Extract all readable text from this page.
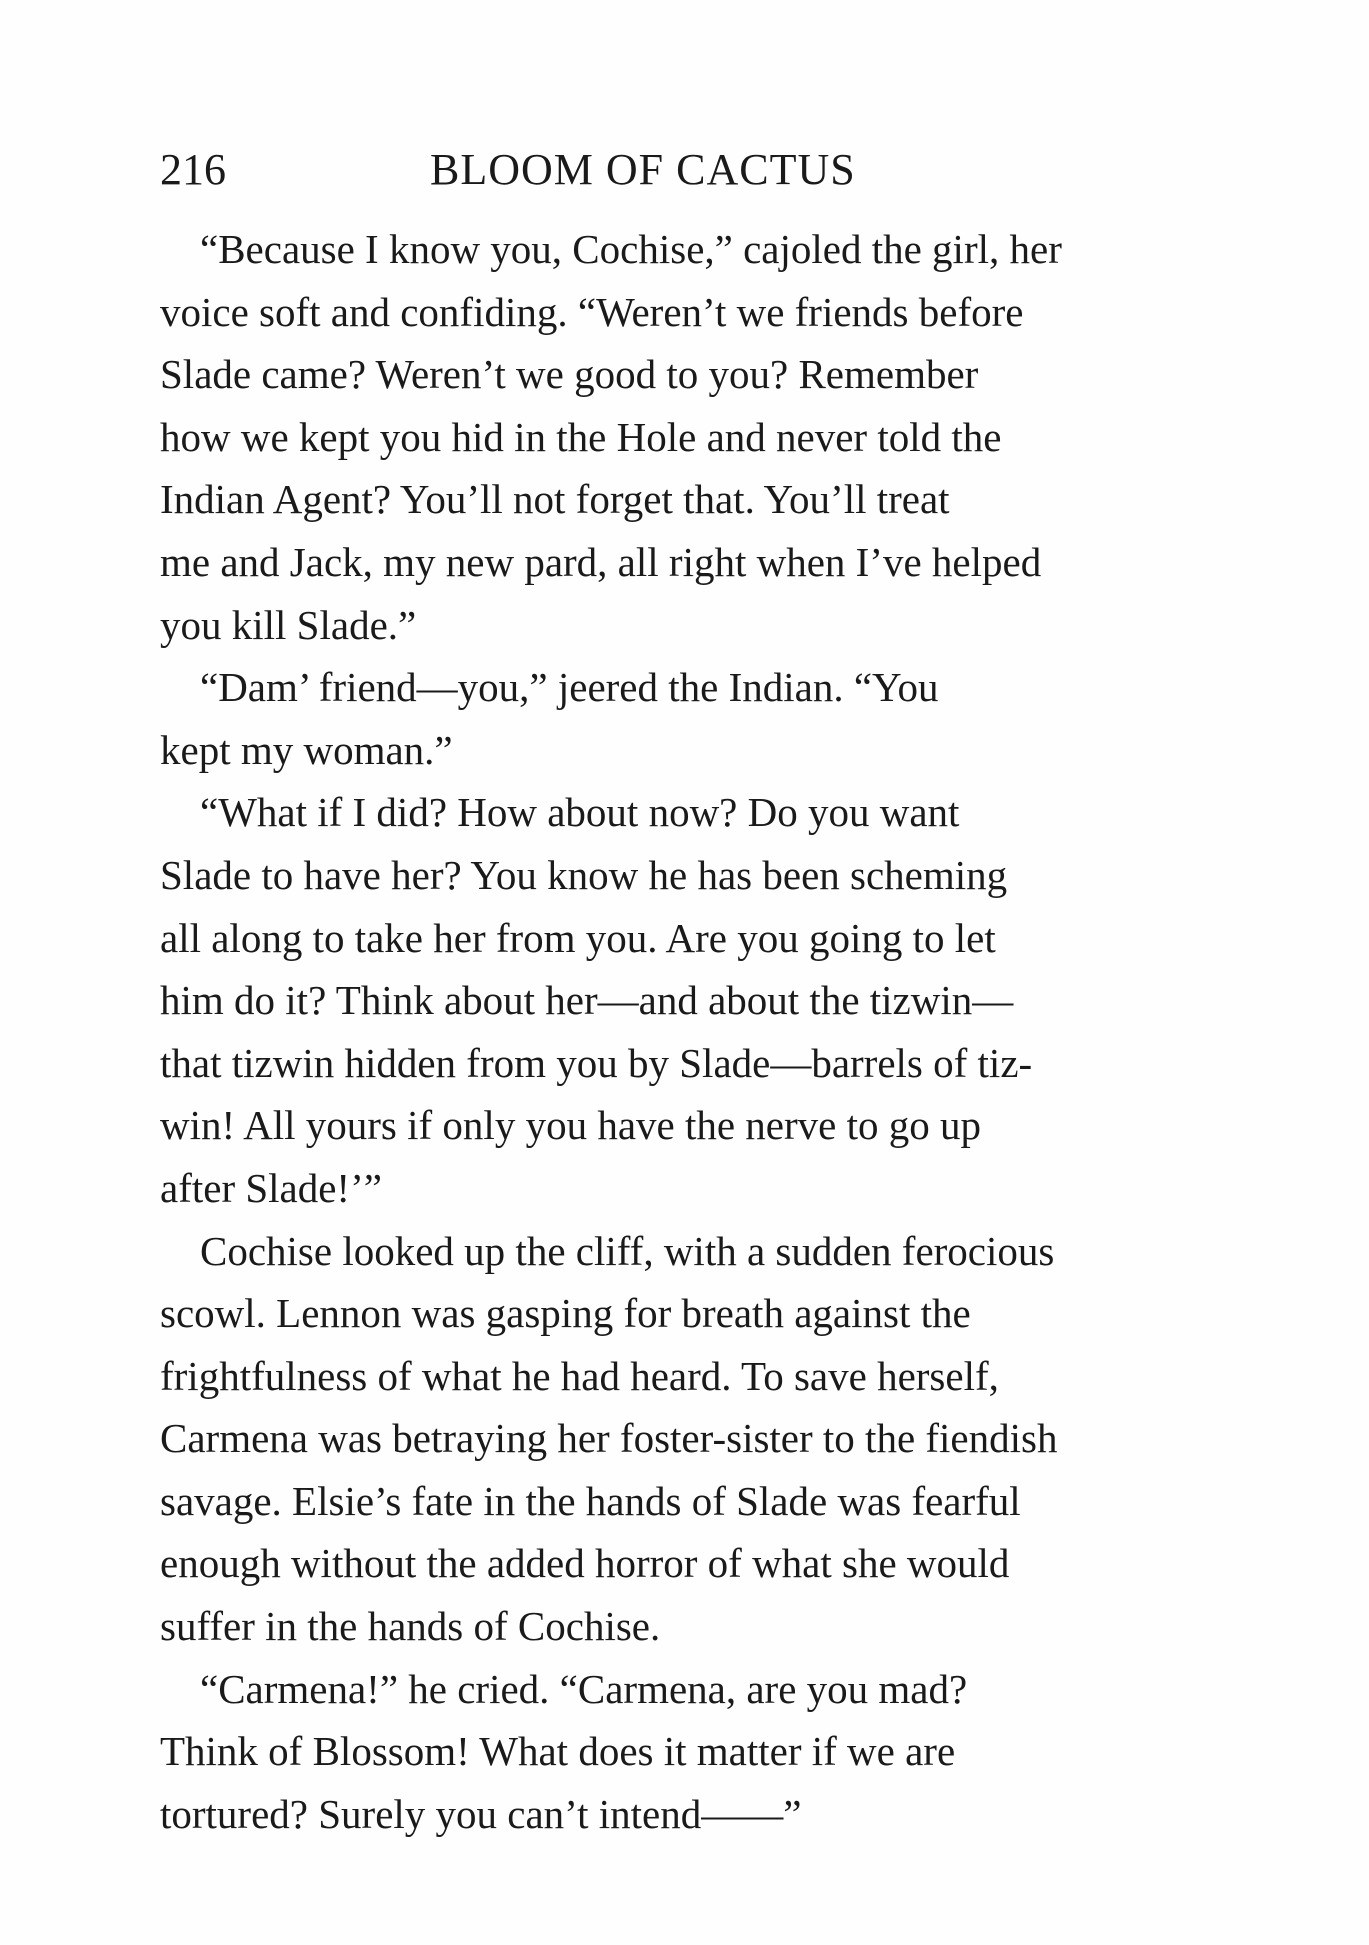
216	BLOOM OF CACTUS

“Because I know you, Cochise,” cajoled the girl, her
voice soft and confiding. “Weren’t we friends before
Slade came? Weren’t we good to you? Remember
how we kept you hid in the Hole and never told the
Indian Agent? You’ll not forget that. You’ll treat
me and Jack, my new pard, all right when I’ve helped
you kill Slade.”

“Dam’ friend—you,” jeered the Indian. “You
kept my woman.”

“What if I did? How about now? Do you want
Slade to have her? You know he has been scheming
all along to take her from you. Are you going to let
him do it? Think about her—and about the tizwin—
that tizwin hidden from you by Slade—barrels of tiz-
win! All yours if only you have the nerve to go up
after Slade!’”

Cochise looked up the cliff, with a sudden ferocious
scowl. Lennon was gasping for breath against the
frightfulness of what he had heard. To save herself,
Carmena was betraying her foster-sister to the fiendish
savage. Elsie’s fate in the hands of Slade was fearful
enough without the added horror of what she would
suffer in the hands of Cochise.

“Carmena!” he cried. “Carmena, are you mad?
Think of Blossom! What does it matter if we are
tortured? Surely you can’t intend——”
